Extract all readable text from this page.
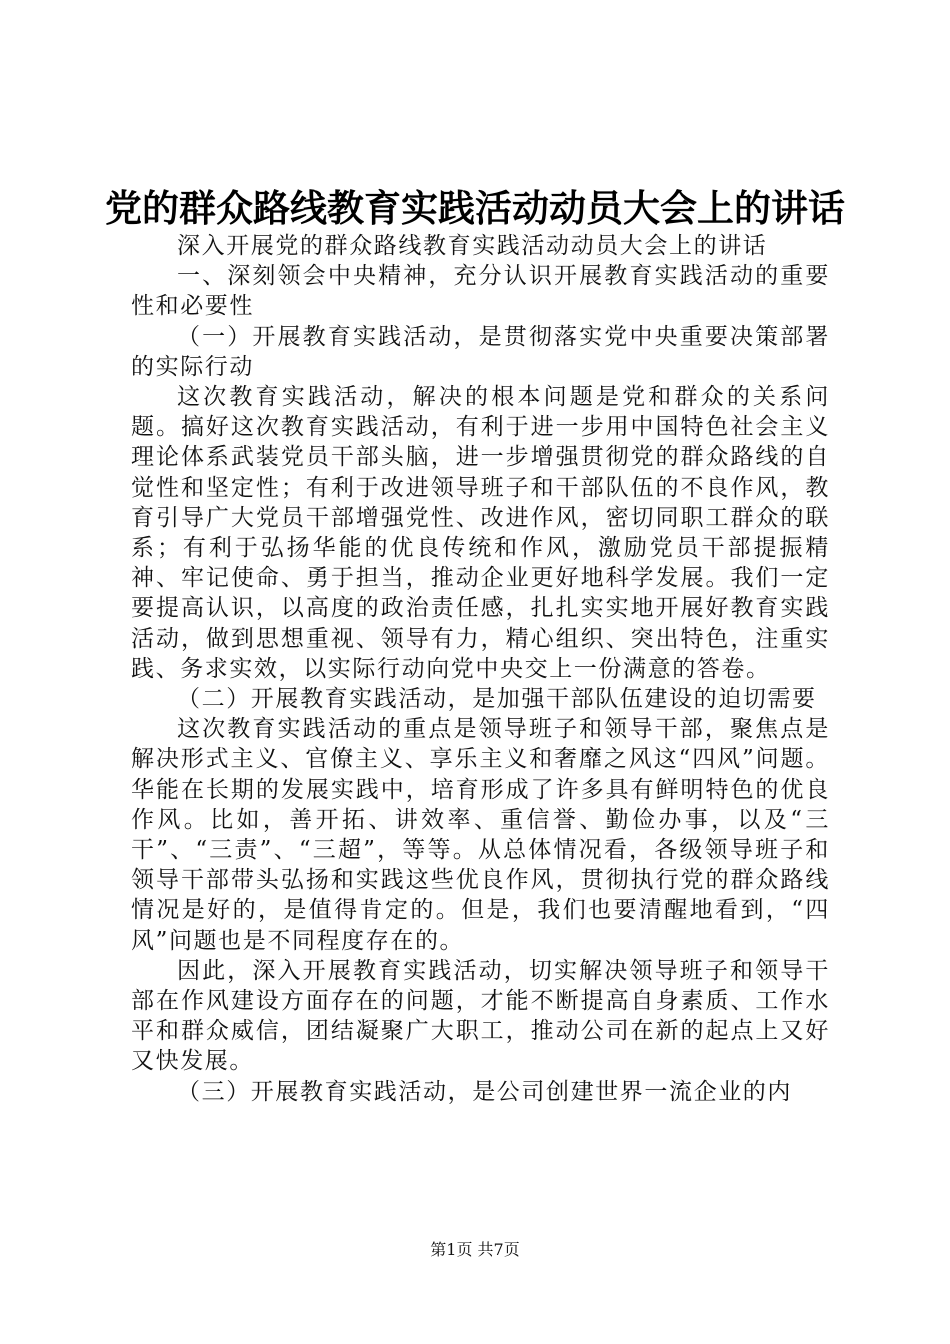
党的群众路线教育实践活动动员大会上的讲话

深入开展党的群众路线教育实践活动动员大会上的讲话

一、深刻领会中央精神，充分认识开展教育实践活动的重要性和必要性

（一）开展教育实践活动，是贯彻落实党中央重要决策部署的实际行动

这次教育实践活动，解决的根本问题是党和群众的关系问题。搞好这次教育实践活动，有利于进一步用中国特色社会主义理论体系武装党员干部头脑，进一步增强贯彻党的群众路线的自觉性和坚定性；有利于改进领导班子和干部队伍的不良作风，教育引导广大党员干部增强党性、改进作风，密切同职工群众的联系；有利于弘扬华能的优良传统和作风，激励党员干部提振精神、牢记使命、勇于担当，推动企业更好地科学发展。我们一定要提高认识，以高度的政治责任感，扎扎实实地开展好教育实践活动，做到思想重视、领导有力，精心组织、突出特色，注重实践、务求实效，以实际行动向党中央交上一份满意的答卷。

（二）开展教育实践活动，是加强干部队伍建设的迫切需要

这次教育实践活动的重点是领导班子和领导干部，聚焦点是解决形式主义、官僚主义、享乐主义和奢靡之风这“四风”问题。华能在长期的发展实践中，培育形成了许多具有鲜明特色的优良作风。比如，善开拓、讲效率、重信誉、勤俭办事，以及“三干”、“三责”、“三超”，等等。从总体情况看，各级领导班子和领导干部带头弘扬和实践这些优良作风，贯彻执行党的群众路线情况是好的，是值得肯定的。但是，我们也要清醒地看到，“四风”问题也是不同程度存在的。

因此，深入开展教育实践活动，切实解决领导班子和领导干部在作风建设方面存在的问题，才能不断提高自身素质、工作水平和群众威信，团结凝聚广大职工，推动公司在新的起点上又好又快发展。

（三）开展教育实践活动，是公司创建世界一流企业的内

第1页 共7页
